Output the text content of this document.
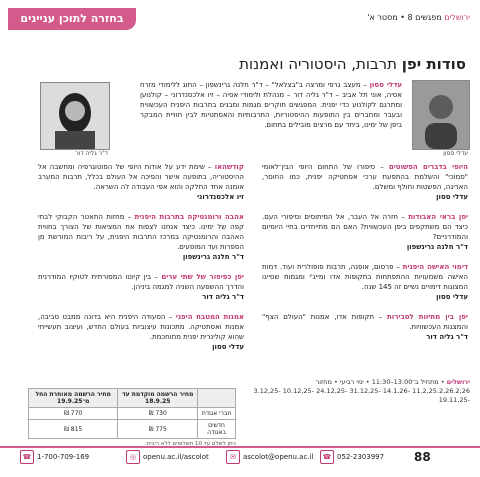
בחזרה לתוכן עניינים	ירושלים מפגשים 8 • מסטר א'
סודות יפן תרבות, היסטוריה ואמנות
עדלי ססון
ד"ר גליה דור
עדלי ססון – מעצב גרפי ומרצה ב"בצלאל" – ד"ר חלנה גרינשפון – החוג ללימודי מזרח אסיה, אוני תל אביב – ד"ר גליה דור – מנהלת ולימודי אסיה – זיו אלכסנדרוני – קולנוען ומתרגם לקולנוע כדי יפנית. המפגשים חוקרים מגמות ומבנים בתרבות היפנית העכשווית ובעבר ומחברים בין התופעות ההיסטוריות, התרבותיות והאסתטיות לבין חוויית המבקר ביפן של ימינו, ביחד עם מרצים מובילים בתחום.
היופי בדברים הפשוטים – סיפורו של התחום היופי הבין־לאומי "סמוכי" והשלמת בהתפעת ערכי אסתטיקה יפנית, כמו החוסר, האריגה, הפשטות וחולף ומשלם.
עדלי ססון
יפן בראי האבודות – חזרה אל העבר, אל המיתוסים וסיפורי העם. כיצד הם משתקפים ביפן העכשווית? האם הם מתייחדים בחיי היומיום והמודרניים?
ד"ר חלנה גרינשפון
דימוי האישה היפנית – פרסום, אופנה, תרבות פופולרית ועוד. דמות האישה משמעויות ההתפתחות בתקופות אדו ומייג'י ומגמות שסייגו המצוגות דימויים נשיים זה 145 שנה.
עדלי ססון
יפן בין מתיוות לסבירות – תקופות אדו, אמנות "העולם הצף" והמצגות העכשוויות.
ד"ר גליה דור
קודשהאו – שימת ידע על אודות היופי של הפוטוגרפיה ומחשבה אל ההיסטוריה, בתופעה אישר והפיכה אל העולם בכלל, תרבות המערב אומנה אחד החלקה והוא אפי העבודה לה השראה.
זיו אלכסנדרוני
אהבה ורומנטיקה בתרבות היפנית – מחזות התאטר הקבוקי לבתי קפה של ימינו. כיצד אנחנו לצפות את המציאות של הצורך בחווית האהבה והרומנטיקה במרכז התרבות היפנית, על ריבות המורשת מן הספרות ועד המופעים.
ד"ר חלנה גרינשפון
יפן כפיפור של שתי ערים – בין קיוטו המסורתית לטוקיו המודרנית והדרך ההשפעה השניה למגמה ביניהן.
ד"ר גליה דור
אמנות המטבח היפני – הסעודה היפנית היא בדונה ממבט סביבה, אמנות ואסתטיקה. מתכונות עיצוביות בעולם החדש, ועיצוב תעשייתי שהוא קולינרית יפנית מתוחכמת.
עדלי ססון
ירושלים • מתחיל ב־13:00–11:30 • ימי רביעי • מחזור
11.2,25.2,26.2,26 -14.1,26 -31.12,25 -24.12,25 -10.12,25 -3.12,25 -19.11,25
	מחיר הרשמה מוקדמת עד 18.9.25	מחיר הרשמה מאוחרת החל מ־19.9.25
חברי אגודת	730 ₪	770 ₪
חדשים באגודה	775 ₪	815 ₪
ניתן לשלם עד 10 תשלומים ללא ריבית.
88
☎ 052-2303997
✉	ascolot@openu.ac.il
◎ openu.ac.il/ascolot
☎ 1-700-709-169
